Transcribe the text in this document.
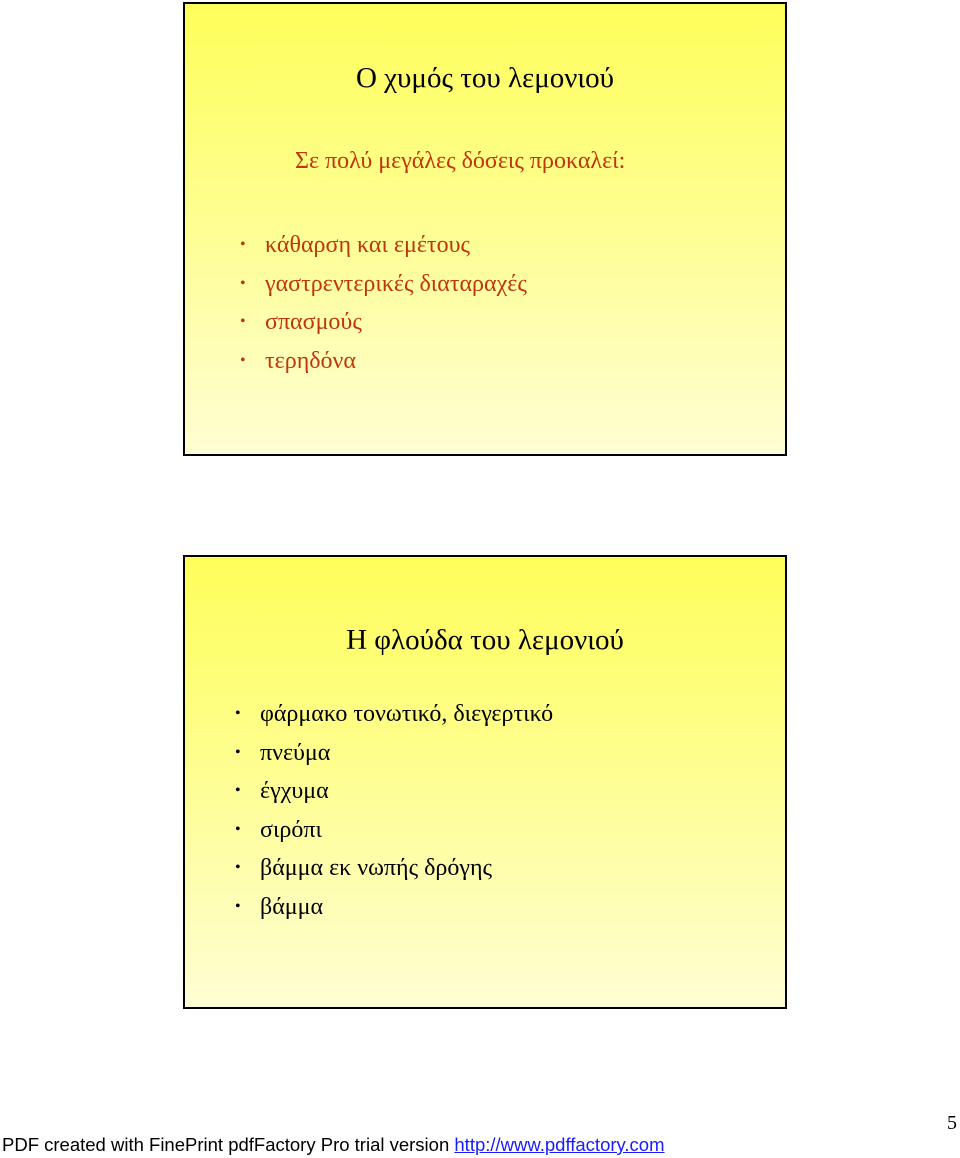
Ο χυμός του λεμονιού

Σε πολύ μεγάλες δόσεις προκαλεί:

• κάθαρση και εμέτους
• γαστρεντερικές διαταραχές
• σπασμούς
• τερηδόνα
Η φλούδα του λεμονιού
• φάρμακο τονωτικό, διεγερτικό
• πνεύμα
• έγχυμα
• σιρόπι
• βάμμα εκ νωπής δρόγης
• βάμμα
5
PDF created with FinePrint pdfFactory Pro trial version http://www.pdffactory.com
